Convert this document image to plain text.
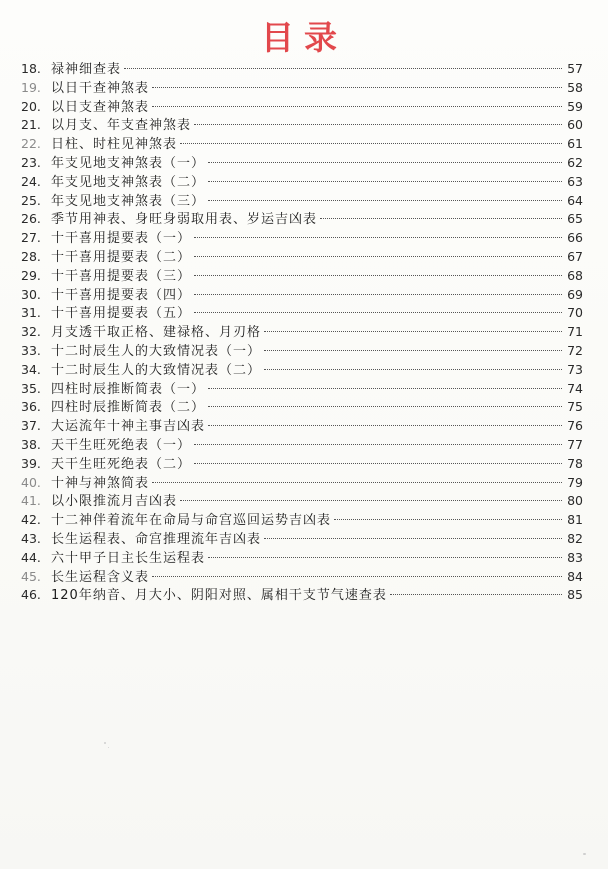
目录
18. 禄神细查表	57
19. 以日干查神煞表	58
20. 以日支查神煞表	59
21. 以月支、年支查神煞表	60
22. 日柱、时柱见神煞表	61
23. 年支见地支神煞表（一）	62
24. 年支见地支神煞表（二）	63
25. 年支见地支神煞表（三）	64
26. 季节用神表、身旺身弱取用表、岁运吉凶表	65
27. 十干喜用提要表（一）	66
28. 十干喜用提要表（二）	67
29. 十干喜用提要表（三）	68
30. 十干喜用提要表（四）	69
31. 十干喜用提要表（五）	70
32. 月支透干取正格、建禄格、月刃格	71
33. 十二时辰生人的大致情况表（一）	72
34. 十二时辰生人的大致情况表（二）	73
35. 四柱时辰推断简表（一）	74
36. 四柱时辰推断简表（二）	75
37. 大运流年十神主事吉凶表	76
38. 天干生旺死绝表（一）	77
39. 天干生旺死绝表（二）	78
40. 十神与神煞简表	79
41. 以小限推流月吉凶表	80
42. 十二神伴着流年在命局与命宫巡回运势吉凶表	81
43. 长生运程表、命宫推理流年吉凶表	82
44. 六十甲子日主长生运程表	83
45. 长生运程含义表	84
46. 120年纳音、月大小、阴阳对照、属相干支节气速查表	85
